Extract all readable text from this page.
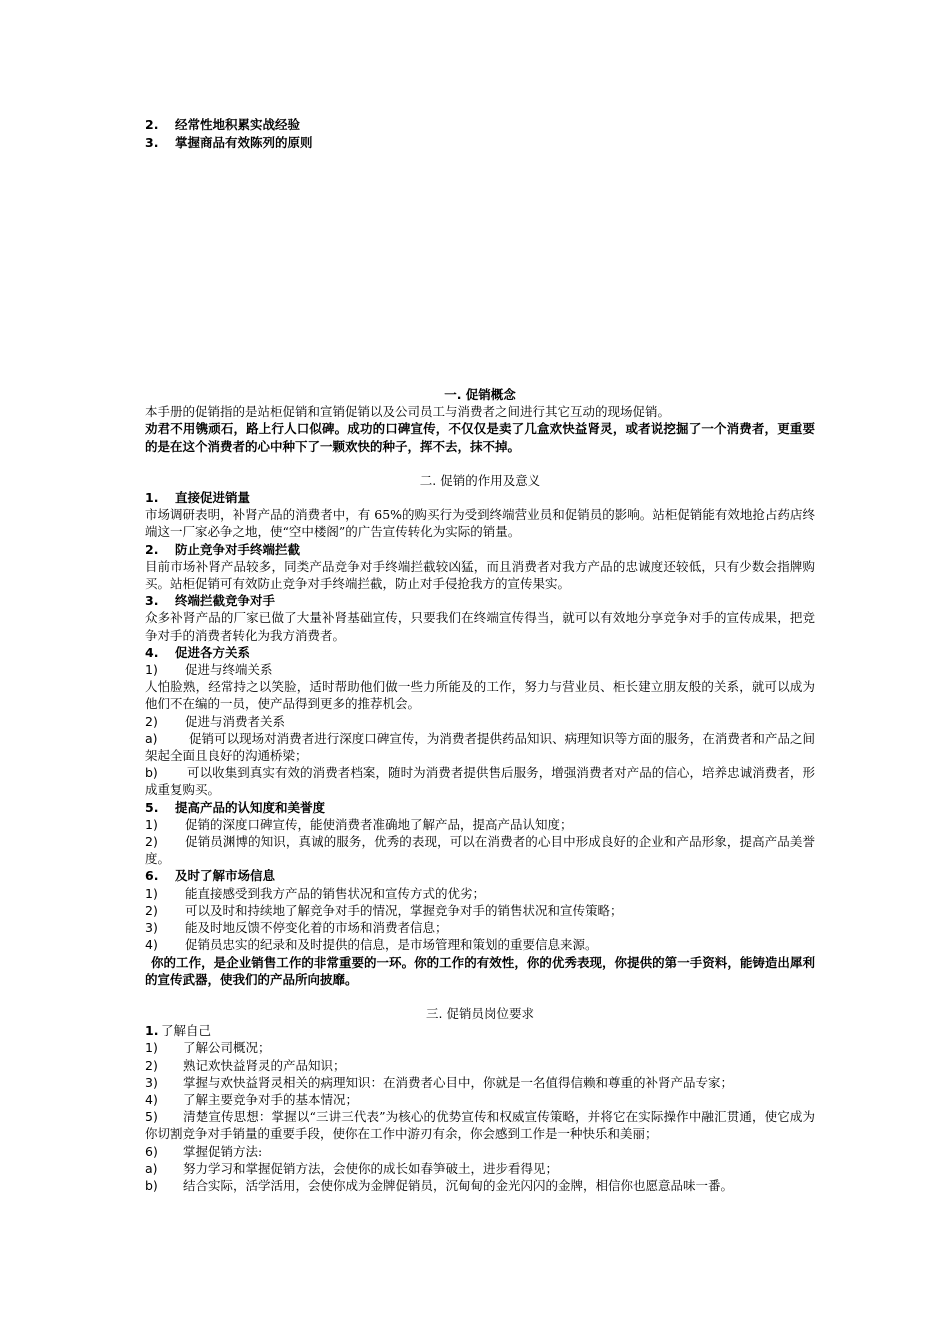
2. 经常性地积累实战经验
3. 掌握商品有效陈列的原则
一. 促销概念
本手册的促销指的是站柜促销和宣销促销以及公司员工与消费者之间进行其它互动的现场促销。
劝君不用镌顽石，路上行人口似碑。成功的口碑宣传，不仅仅是卖了几盒欢快益肾灵，或者说挖掘了一个消费者，更重要的是在这个消费者的心中种下了一颗欢快的种子，挥不去，抹不掉。
二. 促销的作用及意义
1. 直接促进销量
市场调研表明，补肾产品的消费者中，有 65%的购买行为受到终端营业员和促销员的影响。站柜促销能有效地抢占药店终端这一厂家必争之地，使“空中楼阁”的广告宣传转化为实际的销量。
2. 防止竞争对手终端拦截
目前市场补肾产品较多，同类产品竞争对手终端拦截较凶猛，而且消费者对我方产品的忠诚度还较低，只有少数会指牌购买。站柜促销可有效防止竞争对手终端拦截，防止对手侵抢我方的宣传果实。
3. 终端拦截竞争对手
众多补肾产品的厂家已做了大量补肾基础宣传，只要我们在终端宣传得当，就可以有效地分享竞争对手的宣传成果，把竞争对手的消费者转化为我方消费者。
4. 促进各方关系
1) 促进与终端关系
人怕脸熟，经常持之以笑脸，适时帮助他们做一些力所能及的工作，努力与营业员、柜长建立朋友般的关系，就可以成为他们不在编的一员，使产品得到更多的推荐机会。
2) 促进与消费者关系
a)	促销可以现场对消费者进行深度口碑宣传，为消费者提供药品知识、病理知识等方面的服务，在消费者和产品之间架起全面且良好的沟通桥梁；
b) 可以收集到真实有效的消费者档案，随时为消费者提供售后服务，增强消费者对产品的信心，培养忠诚消费者，形成重复购买。
5. 提高产品的认知度和美誉度
1) 促销的深度口碑宣传，能使消费者准确地了解产品，提高产品认知度；
2) 促销员渊博的知识，真诚的服务，优秀的表现，可以在消费者的心目中形成良好的企业和产品形象，提高产品美誉度。
6. 及时了解市场信息
1) 能直接感受到我方产品的销售状况和宣传方式的优劣；
2) 可以及时和持续地了解竞争对手的情况，掌握竞争对手的销售状况和宣传策略；
3) 能及时地反馈不停变化着的市场和消费者信息；
4) 促销员忠实的纪录和及时提供的信息，是市场管理和策划的重要信息来源。
你的工作，是企业销售工作的非常重要的一环。你的工作的有效性，你的优秀表现，你提供的第一手资料，能铸造出犀利的宣传武器，使我们的产品所向披靡。
三. 促销员岗位要求
1. 了解自己
1) 了解公司概况；
2) 熟记欢快益肾灵的产品知识；
3) 掌握与欢快益肾灵相关的病理知识：在消费者心目中，你就是一名值得信赖和尊重的补肾产品专家；
4) 了解主要竞争对手的基本情况；
5) 清楚宣传思想：掌握以“三讲三代表”为核心的优势宣传和权威宣传策略，并将它在实际操作中融汇贯通，使它成为你切割竞争对手销量的重要手段，使你在工作中游刃有余，你会感到工作是一种快乐和美丽；
6) 掌握促销方法:
a) 努力学习和掌握促销方法，会使你的成长如春笋破土，进步看得见；
b) 结合实际，活学活用，会使你成为金牌促销员，沉甸甸的金光闪闪的金牌，相信你也愿意品味一番。
